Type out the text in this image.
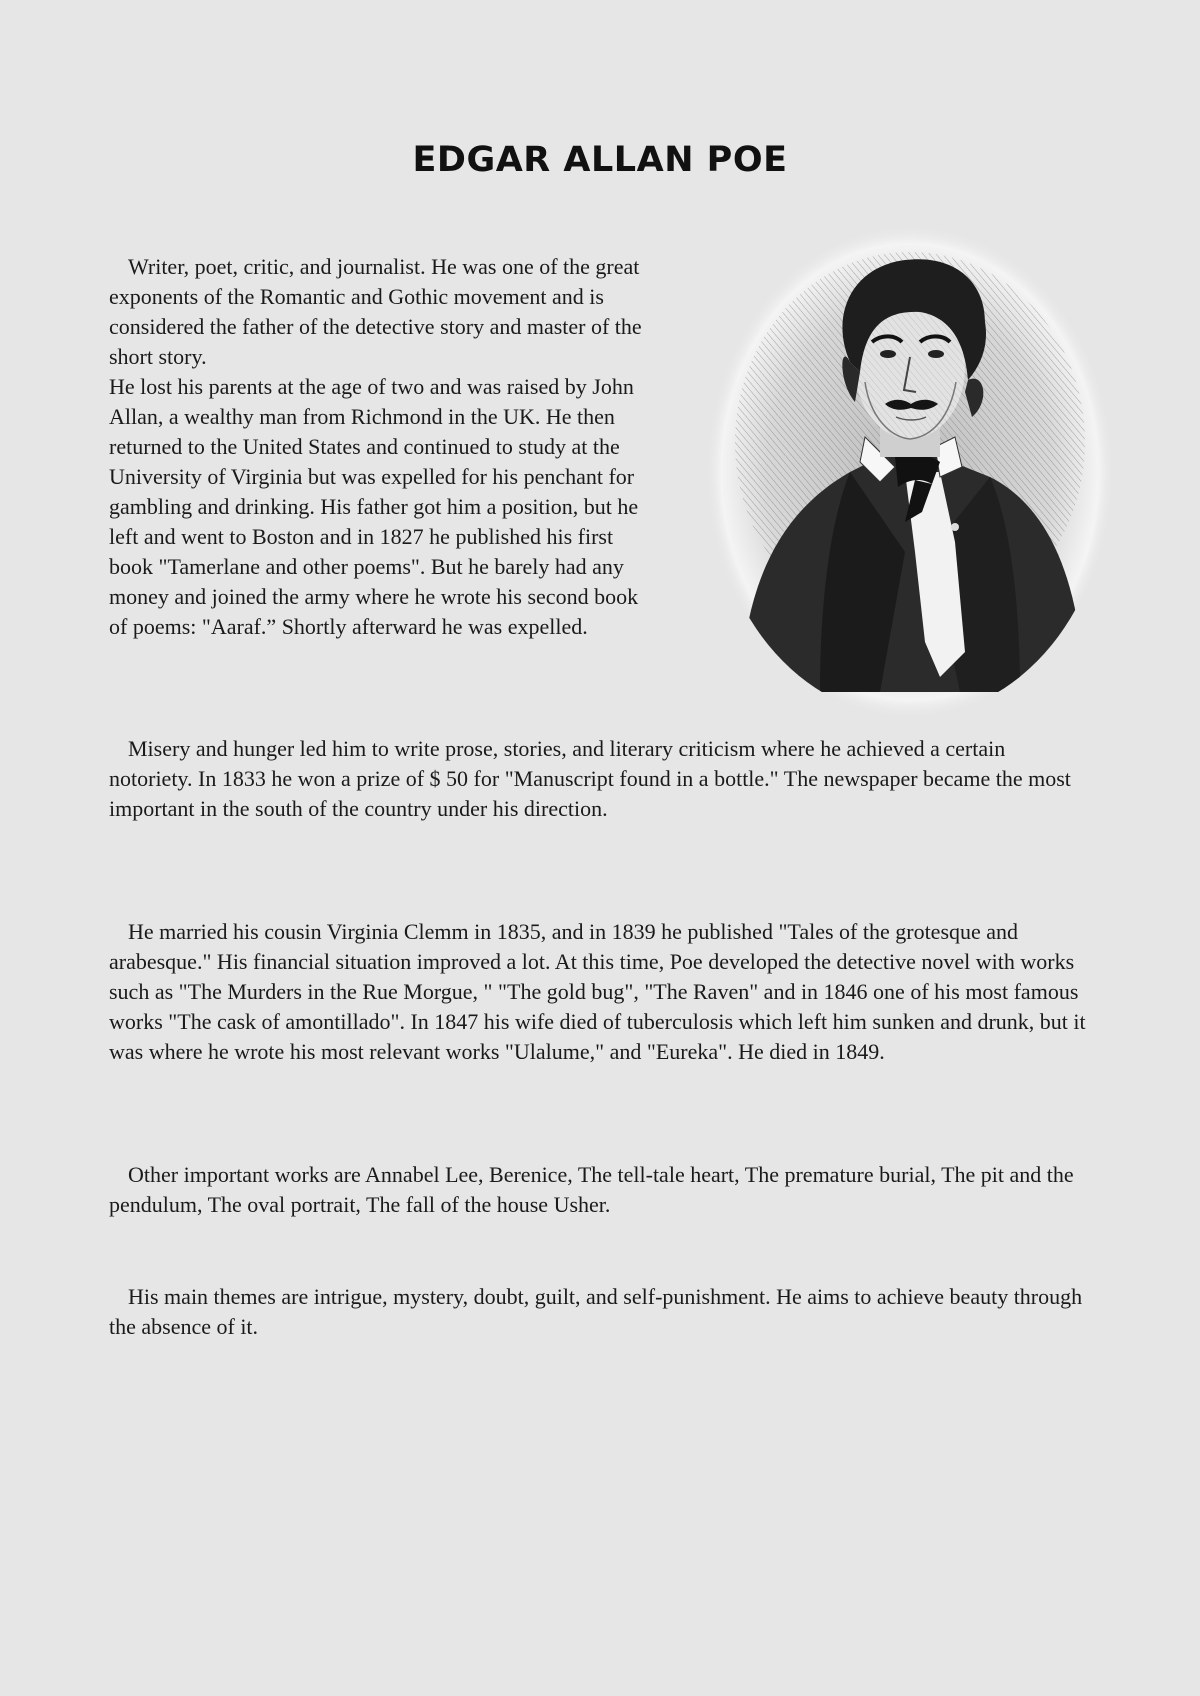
EDGAR ALLAN POE

Writer, poet, critic, and journalist. He was one of the great exponents of the Romantic and Gothic movement and is considered the father of the detective story and master of the short story.
He lost his parents at the age of two and was raised by John Allan, a wealthy man from Richmond in the UK. He then returned to the United States and continued to study at the University of Virginia but was expelled for his penchant for gambling and drinking. His father got him a position, but he left and went to Boston and in 1827 he published his first book "Tamerlane and other poems". But he barely had any money and joined the army where he wrote his second book of poems: "Aaraf.” Shortly afterward he was expelled.

Misery and hunger led him to write prose, stories, and literary criticism where he achieved a certain notoriety. In 1833 he won a prize of $ 50 for "Manuscript found in a bottle." The newspaper became the most important in the south of the country under his direction.

He married his cousin Virginia Clemm in 1835, and in 1839 he published "Tales of the grotesque and arabesque." His financial situation improved a lot. At this time, Poe developed the detective novel with works such as "The Murders in the Rue Morgue, " "The gold bug", "The Raven" and in 1846 one of his most famous works "The cask of amontillado". In 1847 his wife died of tuberculosis which left him sunken and drunk, but it was where he wrote his most relevant works "Ulalume," and "Eureka". He died in 1849.

Other important works are Annabel Lee, Berenice, The tell-tale heart, The premature burial, The pit and the pendulum, The oval portrait, The fall of the house Usher.

His main themes are intrigue, mystery, doubt, guilt, and self-punishment. He aims to achieve beauty through the absence of it.
